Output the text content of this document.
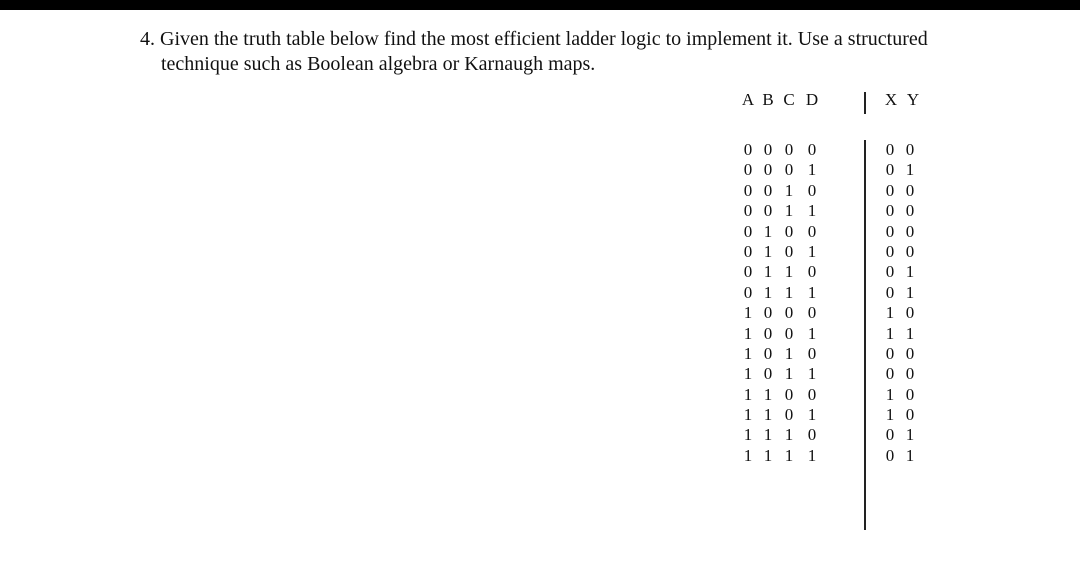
4. Given the truth table below find the most efficient ladder logic to implement it. Use a structured
technique such as Boolean algebra or Karnaugh maps.
A B C D	X Y
0 0 0 0	0 0
0 0 0 1	0 1
0 0 1 0	0 0
0 0 1 1	0 0
0 1 0 0	0 0
0 1 0 1	0 0
0 1 1 0	0 1
0 1 1 1	0 1
1 0 0 0	1 0
1 0 0 1	1 1
1 0 1 0	0 0
1 0 1 1	0 0
1 1 0 0	1 0
1 1 0 1	1 0
1 1 1 0	0 1
1 1 1 1	0 1
